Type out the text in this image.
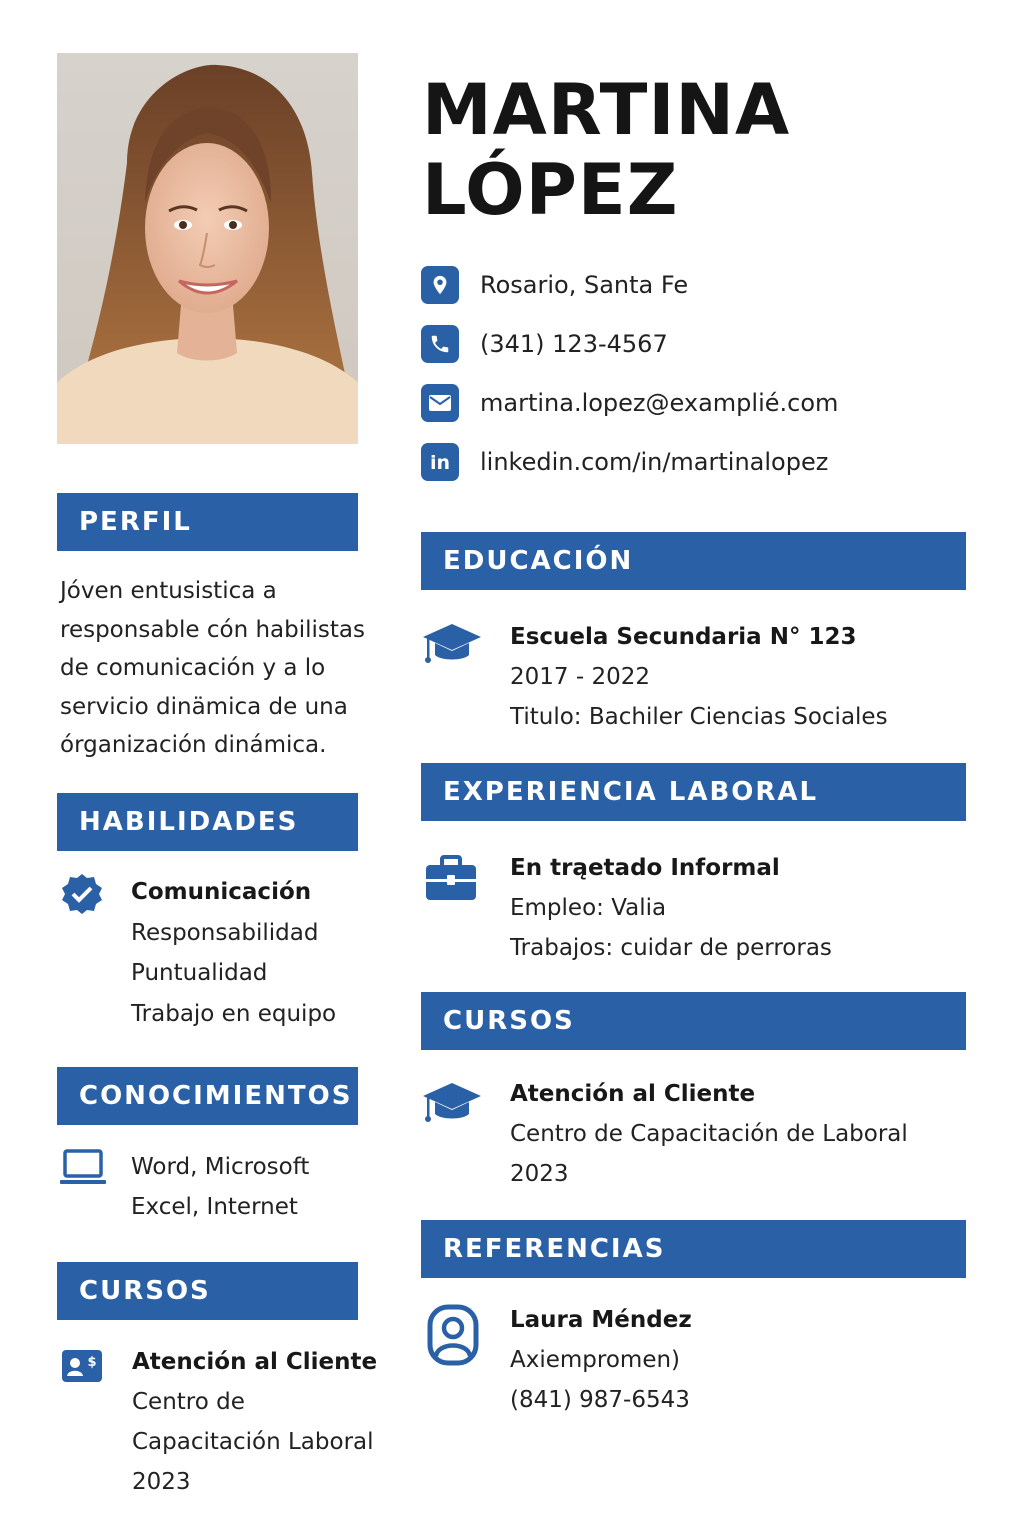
MARTINA
LÓPEZ
Rosario, Santa Fe
(341) 123-4567
martina.lopez@examplié.com
in linkedin.com/in/martinalopez
PERFIL
Jóven entusistica a
responsable cón habilistas
de comunicación y a lo
servicio dinämica de una
órganización dinámica.
HABILIDADES
Comunicación
Responsabilidad
Puntualidad
Trabajo en equipo
CONOCIMIENTOS
Word, Microsoft
Excel, Internet
CURSOS
$ Atención al Cliente
Centro de
Capacitación Laboral
2023
EDUCACIÓN
Escuela Secundaria N° 123
2017 - 2022
Titulo: Bachiler Ciencias Sociales
EXPERIENCIA LABORAL
En trąetado Informal
Empleo: Valia
Trabajos: cuidar de perroras
CURSOS
Atención al Cliente
Centro de Capacitación de Laboral
2023
REFERENCIAS
Laura Méndez
Axiempromen)
(841) 987-6543
